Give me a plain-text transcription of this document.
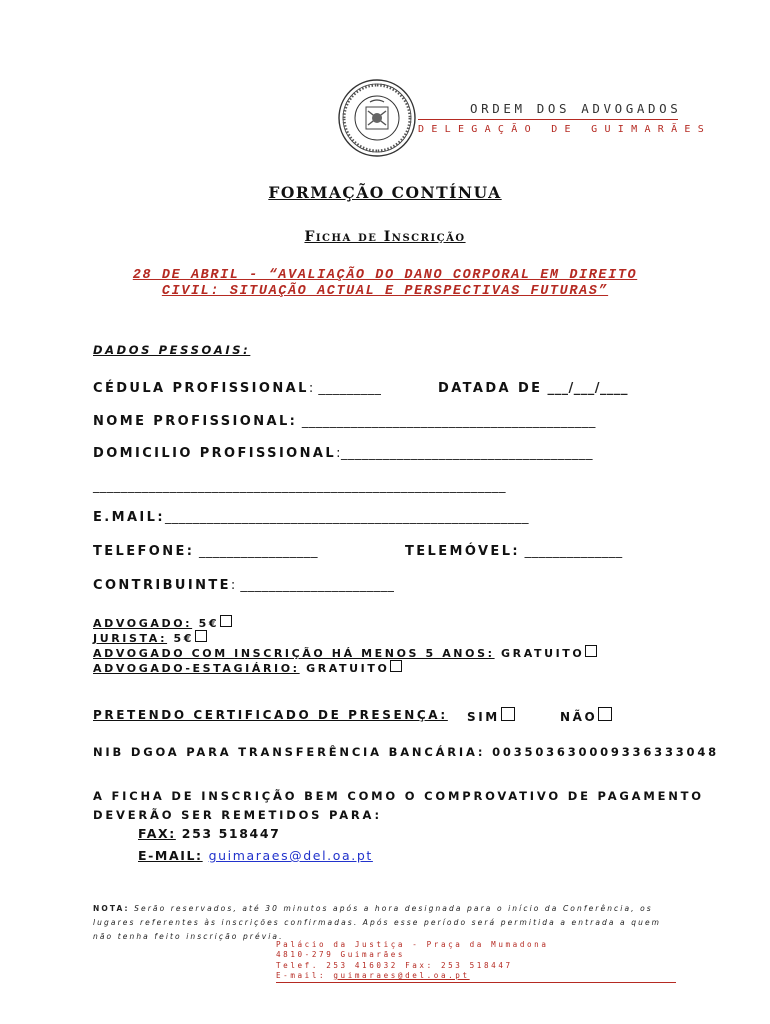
ORDEM DOS ADVOGADOS
DELEGAÇÃO DE GUIMARÃES
FORMAÇÃO CONTÍNUA
Ficha de Inscrição
28 DE ABRIL - “AVALIAÇÃO DO DANO CORPORAL EM DIREITO
CIVIL: SITUAÇÃO ACTUAL E PERSPECTIVAS FUTURAS”
DADOS PESSOAIS:
CÉDULA PROFISSIONAL: _________	DATADA DE ___/___/____
NOME PROFISSIONAL: __________________________________________
DOMICILIO PROFISSIONAL:____________________________________
___________________________________________________________
E.MAIL:____________________________________________________
TELEFONE: _________________	TELEMÓVEL: ______________
CONTRIBUINTE: ______________________
ADVOGADO: 5€
JURISTA: 5€
ADVOGADO COM INSCRIÇÃO HÁ MENOS 5 ANOS: GRATUITO
ADVOGADO-ESTAGIÁRIO: GRATUITO
PRETENDO CERTIFICADO DE PRESENÇA: SIM	NÃO
NIB DGOA PARA TRANSFERÊNCIA BANCÁRIA: 003503630009336333048
A FICHA DE INSCRIÇÃO BEM COMO O COMPROVATIVO DE PAGAMENTO
DEVERÃO SER REMETIDOS PARA:
FAX: 253 518447
E-MAIL: guimaraes@del.oa.pt
NOTA: Serão reservados, até 30 minutos após a hora designada para o início da Conferência, os lugares referentes às inscrições confirmadas. Após esse período será permitida a entrada a quem não tenha feito inscrição prévia.
Palácio da Justiça - Praça da Mumadona
4810-279 Guimarães
Telef. 253 416032 Fax: 253 518447
E-mail: guimaraes@del.oa.pt
